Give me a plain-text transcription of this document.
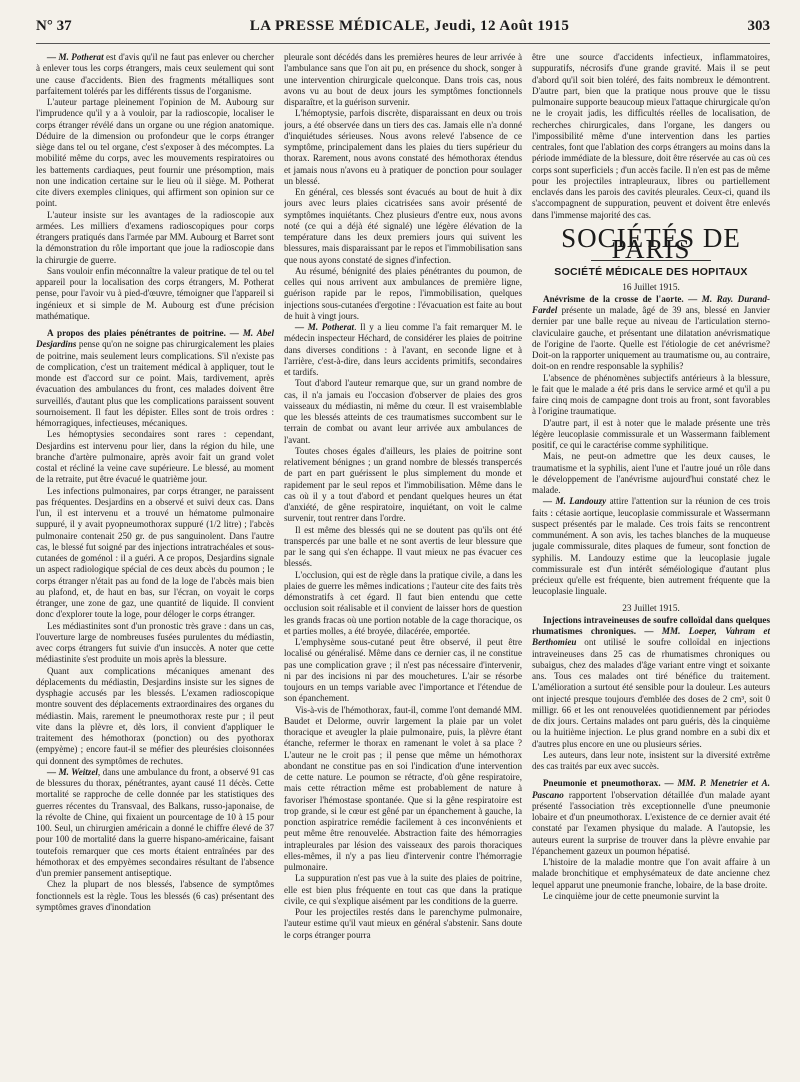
N° 37	LA PRESSE MÉDICALE, Jeudi, 12 Août 1915	303

— M. Potherat est d'avis qu'il ne faut pas enlever ou chercher à enlever tous les corps étrangers, mais ceux seulement qui sont une cause d'accidents. Bien des fragments métalliques sont parfaitement tolérés par les différents tissus de l'organisme.

L'auteur partage pleinement l'opinion de M. Aubourg sur l'imprudence qu'il y a à vouloir, par la radioscopie, localiser le corps étranger révélé dans un organe ou une région anatomique. Déduire de la dimension ou profondeur que le corps étranger siège dans tel ou tel organe, c'est s'exposer à des mécomptes. La mobilité même du corps, avec les mouvements respiratoires ou les battements cardiaques, peut fournir une présomption, mais non une indication certaine sur le lieu où il siège. M. Potherat cite divers exemples cliniques, qui affirment son opinion sur ce point.

L'auteur insiste sur les avantages de la radioscopie aux armées. Les milliers d'examens radioscopiques pour corps étrangers pratiqués dans l'armée par MM. Aubourg et Barret sont la démonstration du rôle important que joue la radioscopie dans la chirurgie de guerre.

Sans vouloir enfin méconnaître la valeur pratique de tel ou tel appareil pour la localisation des corps étrangers, M. Potherat pense, pour l'avoir vu à pied-d'œuvre, témoigner que l'appareil si ingénieux et si simple de M. Aubourg est d'une précision mathématique.

A propos des plaies pénétrantes de poitrine. — M. Abel Desjardins pense qu'on ne soigne pas chirurgicalement les plaies de poitrine, mais seulement leurs complications. S'il n'existe pas de complication, c'est un traitement médical à appliquer, tout le monde est d'accord sur ce point. Mais, tardivement, après évacuation des ambulances du front, ces malades doivent être surveillés, d'autant plus que les complications paraissent souvent sournoisement. Il faut les dépister. Elles sont de trois ordres : hémorragiques, infectieuses, mécaniques.

Les hémoptysies secondaires sont rares : cependant, Desjardins est intervenu pour lier, dans la région du hile, une branche d'artère pulmonaire, après avoir fait un grand volet costal et récliné la veine cave supérieure. Le blessé, au moment de la retraite, put être évacué le quatrième jour.

Les infections pulmonaires, par corps étranger, ne paraissent pas fréquentes. Desjardins en a observé et suivi deux cas. Dans l'un, il est intervenu et a trouvé un hématome pulmonaire suppuré, il y avait pyopneumothorax suppuré (1/2 litre) ; l'abcès pulmonaire contenait 250 gr. de pus sanguinolent. Dans l'autre cas, le blessé fut soigné par des injections intratrachéales et sous-cutanées de goménol : il a guéri. A ce propos, Desjardins signale un aspect radiologique spécial de ces deux abcès du poumon ; le corps étranger n'était pas au fond de la loge de l'abcès mais bien au plafond, et, de haut en bas, sur l'écran, on voyait le corps étranger, une zone de gaz, une quantité de liquide. Il convient donc d'explorer toute la loge, pour déloger le corps étranger.

Les médiastinites sont d'un pronostic très grave : dans un cas, l'ouverture large de nombreuses fusées purulentes du médiastin, avec corps étrangers fut suivie d'un insuccès. A noter que cette médiastinite s'est produite un mois après la blessure.

Quant aux complications mécaniques amenant des déplacements du médiastin, Desjardins insiste sur les signes de dysphagie accusés par les blessés. L'examen radioscopique montre souvent des déplacements extraordinaires des organes du médiastin. Mais, rarement le pneumothorax reste pur ; il peut vite dans la plèvre et, dès lors, il convient d'appliquer le traitement des hémothorax (ponction) ou des pyothorax (empyème) ; encore faut-il se méfier des pleurésies cloisonnées qui donnent des symptômes de rechutes.

— M. Weitzel, dans une ambulance du front, a observé 91 cas de blessures du thorax, pénétrantes, ayant causé 11 décès. Cette mortalité se rapproche de celle donnée par les statistiques des guerres récentes du Transvaal, des Balkans, russo-japonaise, de la révolte de Chine, qui fixaient un pourcentage de 10 à 15 pour 100. Seul, un chirurgien américain a donné le chiffre élevé de 37 pour 100 de mortalité dans la guerre hispano-américaine, faisant toutefois remarquer que ces morts étaient entraînées par des hémothorax et des empyèmes secondaires résultant de l'absence d'un premier pansement antiseptique.

Chez la plupart de nos blessés, l'absence de symptômes fonctionnels est la règle. Tous les blessés (6 cas) présentant des symptômes graves d'inondation

pleurale sont décédés dans les premières heures de leur arrivée à l'ambulance sans que l'on ait pu, en présence du shock, songer à une intervention chirurgicale quelconque. Dans trois cas, nous avons vu au bout de deux jours les symptômes fonctionnels disparaître, et la guérison survenir.

L'hémoptysie, parfois discrète, disparaissant en deux ou trois jours, a été observée dans un tiers des cas. Jamais elle n'a donné d'inquiétudes sérieuses. Nous avons relevé l'absence de ce symptôme, principalement dans les plaies du tiers supérieur du thorax. Rarement, nous avons constaté des hémothorax étendus et jamais nous n'avons eu à pratiquer de ponction pour soulager un blessé.

En général, ces blessés sont évacués au bout de huit à dix jours avec leurs plaies cicatrisées sans avoir présenté de symptômes inquiétants. Chez plusieurs d'entre eux, nous avons noté (ce qui a déjà été signalé) une légère élévation de la température dans les deux premiers jours qui suivent les blessures, mais disparaissant par le repos et l'immobilisation sans que nous ayons constaté de signes d'infection.

Au résumé, bénignité des plaies pénétrantes du poumon, de celles qui nous arrivent aux ambulances de première ligne, guérison rapide par le repos, l'immobilisation, quelques injections sous-cutanées d'ergotine : l'évacuation est faite au bout de huit à vingt jours.

— M. Potherat. Il y a lieu comme l'a fait remarquer M. le médecin inspecteur Héchard, de considérer les plaies de poitrine dans diverses conditions : à l'avant, en seconde ligne et à l'arrière, c'est-à-dire, dans leurs accidents primitifs, secondaires et tardifs.

Tout d'abord l'auteur remarque que, sur un grand nombre de cas, il n'a jamais eu l'occasion d'observer de plaies des gros vaisseaux du médiastin, ni même du cœur. Il est vraisemblable que les blessés atteints de ces traumatismes succombent sur le terrain de combat ou avant leur arrivée aux ambulances de l'avant.

Toutes choses égales d'ailleurs, les plaies de poitrine sont relativement bénignes ; un grand nombre de blessés transpercés de part en part guérissent le plus simplement du monde et rapidement par le seul repos et l'immobilisation. Même dans le cas où il y a tout d'abord et pendant quelques heures un état d'anxiété, de gêne respiratoire, inquiétant, on voit le calme survenir, tout rentrer dans l'ordre.

Il est même des blessés qui ne se doutent pas qu'ils ont été transpercés par une balle et ne sont avertis de leur blessure que par le sang qui s'en échappe. Il vaut mieux ne pas évacuer ces blessés.

L'occlusion, qui est de règle dans la pratique civile, a dans les plaies de guerre les mêmes indications ; l'auteur cite des faits très démonstratifs à cet égard. Il faut bien entendu que cette occlusion soit réalisable et il convient de laisser hors de question les grands fracas où une portion notable de la cage thoracique, os et parties molles, a été broyée, dilacérée, emportée.

L'emphysème sous-cutané peut être observé, il peut être localisé ou généralisé. Même dans ce dernier cas, il ne constitue pas une complication grave ; il n'est pas nécessaire d'intervenir, ni par des incisions ni par des mouchetures. L'air se résorbe toujours en un temps variable avec l'importance et l'étendue de son épanchement.

Vis-à-vis de l'hémothorax, faut-il, comme l'ont demandé MM. Baudet et Delorme, ouvrir largement la plaie par un volet thoracique et aveugler la plaie pulmonaire, puis, la plèvre étant étanche, refermer le thorax en ramenant le volet à sa place ? L'auteur ne le croit pas ; il pense que même un hémothorax abondant ne constitue pas en soi l'indication d'une intervention de cette nature. Le poumon se rétracte, d'où gêne respiratoire, mais cette rétraction même est probablement de nature à favoriser l'hémostase spontanée. Que si la gêne respiratoire est trop grande, si le cœur est gêné par un épanchement à gauche, la ponction aspiratrice remédie facilement à ces inconvénients et peut même être renouvelée. Abstraction faite des hémorragies intrapleurales par lésion des vaisseaux des parois thoraciques elles-mêmes, il n'y a pas lieu d'intervenir contre l'hémorragie pulmonaire.

La suppuration n'est pas vue à la suite des plaies de poitrine, elle est bien plus fréquente en tout cas que dans la pratique civile, ce qui s'explique aisément par les conditions de la guerre.

Pour les projectiles restés dans le parenchyme pulmonaire, l'auteur estime qu'il vaut mieux en général s'abstenir. Sans doute le corps étranger pourra

être une source d'accidents infectieux, inflammatoires, suppuratifs, nécrosifs d'une grande gravité. Mais il se peut d'abord qu'il soit bien toléré, des faits nombreux le démontrent. D'autre part, bien que la pratique nous prouve que le tissu pulmonaire supporte beaucoup mieux l'attaque chirurgicale qu'on ne le croyait jadis, les difficultés réelles de localisation, de recherches chirurgicales, dans l'organe, les dangers ou l'impossibilité même d'une intervention dans les parties centrales, font que l'ablation des corps étrangers au moins dans la période immédiate de la blessure, doit être réservée au cas où ces corps sont superficiels ; d'un accès facile. Il n'en est pas de même pour les projectiles intrapleuraux, libres ou partiellement enclavés dans les parois des cavités pleurales. Ceux-ci, quand ils s'accompagnent de suppuration, peuvent et doivent être enlevés dans l'immense majorité des cas.

SOCIÉTÉS DE PARIS
SOCIÉTÉ MÉDICALE DES HOPITAUX

16 Juillet 1915.

Anévrisme de la crosse de l'aorte. — M. Ray. Durand-Fardel présente un malade, âgé de 39 ans, blessé en Janvier dernier par une balle reçue au niveau de l'articulation sterno-claviculaire gauche, et présentant une dilatation anévrismatique de l'origine de l'aorte. Quelle est l'étiologie de cet anévrisme? Doit-on la rapporter uniquement au traumatisme ou, au contraire, doit-on en rendre responsable la syphilis?

L'absence de phénomènes subjectifs antérieurs à la blessure, le fait que le malade a été pris dans le service armé et qu'il a pu faire cinq mois de campagne dont trois au front, sont favorables à l'origine traumatique.

D'autre part, il est à noter que le malade présente une très légère leucoplasie commissurale et un Wassermann faiblement positif, ce qui le caractérise comme syphilitique.

Mais, ne peut-on admettre que les deux causes, le traumatisme et la syphilis, aient l'une et l'autre joué un rôle dans le développement de l'anévrisme aujourd'hui constaté chez le malade.

— M. Landouzy attire l'attention sur la réunion de ces trois faits : cétasie aortique, leucoplasie commissurale et Wassermann suspect présentés par le malade. Ces trois faits se rencontrent communément. A son avis, les taches blanches de la muqueuse jugale commissurale, dites plaques de fumeur, sont fonction de syphilis. M. Landouzy estime que la leucoplasie jugale commissurale est d'un intérêt séméiologique d'autant plus précieux qu'elle est fréquente, bien autrement fréquente que la leucoplasie linguale.

23 Juillet 1915.

Injections intraveineuses de soufre colloïdal dans quelques rhumatismes chroniques. — MM. Loeper, Vahram et Berthomieu ont utilisé le soufre colloïdal en injections intraveineuses dans 25 cas de rhumatismes chroniques ou subaigus, chez des malades d'âge variant entre vingt et soixante ans. Tous ces malades ont tiré bénéfice du traitement. L'amélioration a surtout été sensible pour la douleur. Les auteurs ont injecté presque toujours d'emblée des doses de 2 cm³, soit 0 milligr. 66 et les ont renouvelées quotidiennement par périodes de dix jours. Certains malades ont paru guéris, dès la cinquième ou la huitième injection. Le plus grand nombre en a subi dix et d'autres plus encore en une ou plusieurs séries.

Les auteurs, dans leur note, insistent sur la diversité extrême des cas traités par eux avec succès.

Pneumonie et pneumothorax. — MM. P. Menetrier et A. Pascano rapportent l'observation détaillée d'un malade ayant présenté l'association très exceptionnelle d'une pneumonie lobaire et d'un pneumothorax. L'existence de ce dernier avait été constaté par l'examen physique du malade. A l'autopsie, les auteurs eurent la surprise de trouver dans la plèvre envahie par l'épanchement gazeux un poumon hépatisé.

L'histoire de la maladie montre que l'on avait affaire à un malade bronchitique et emphysémateux de date ancienne chez lequel apparut une pneumonie franche, lobaire, de la base droite.

Le cinquième jour de cette pneumonie survint la
